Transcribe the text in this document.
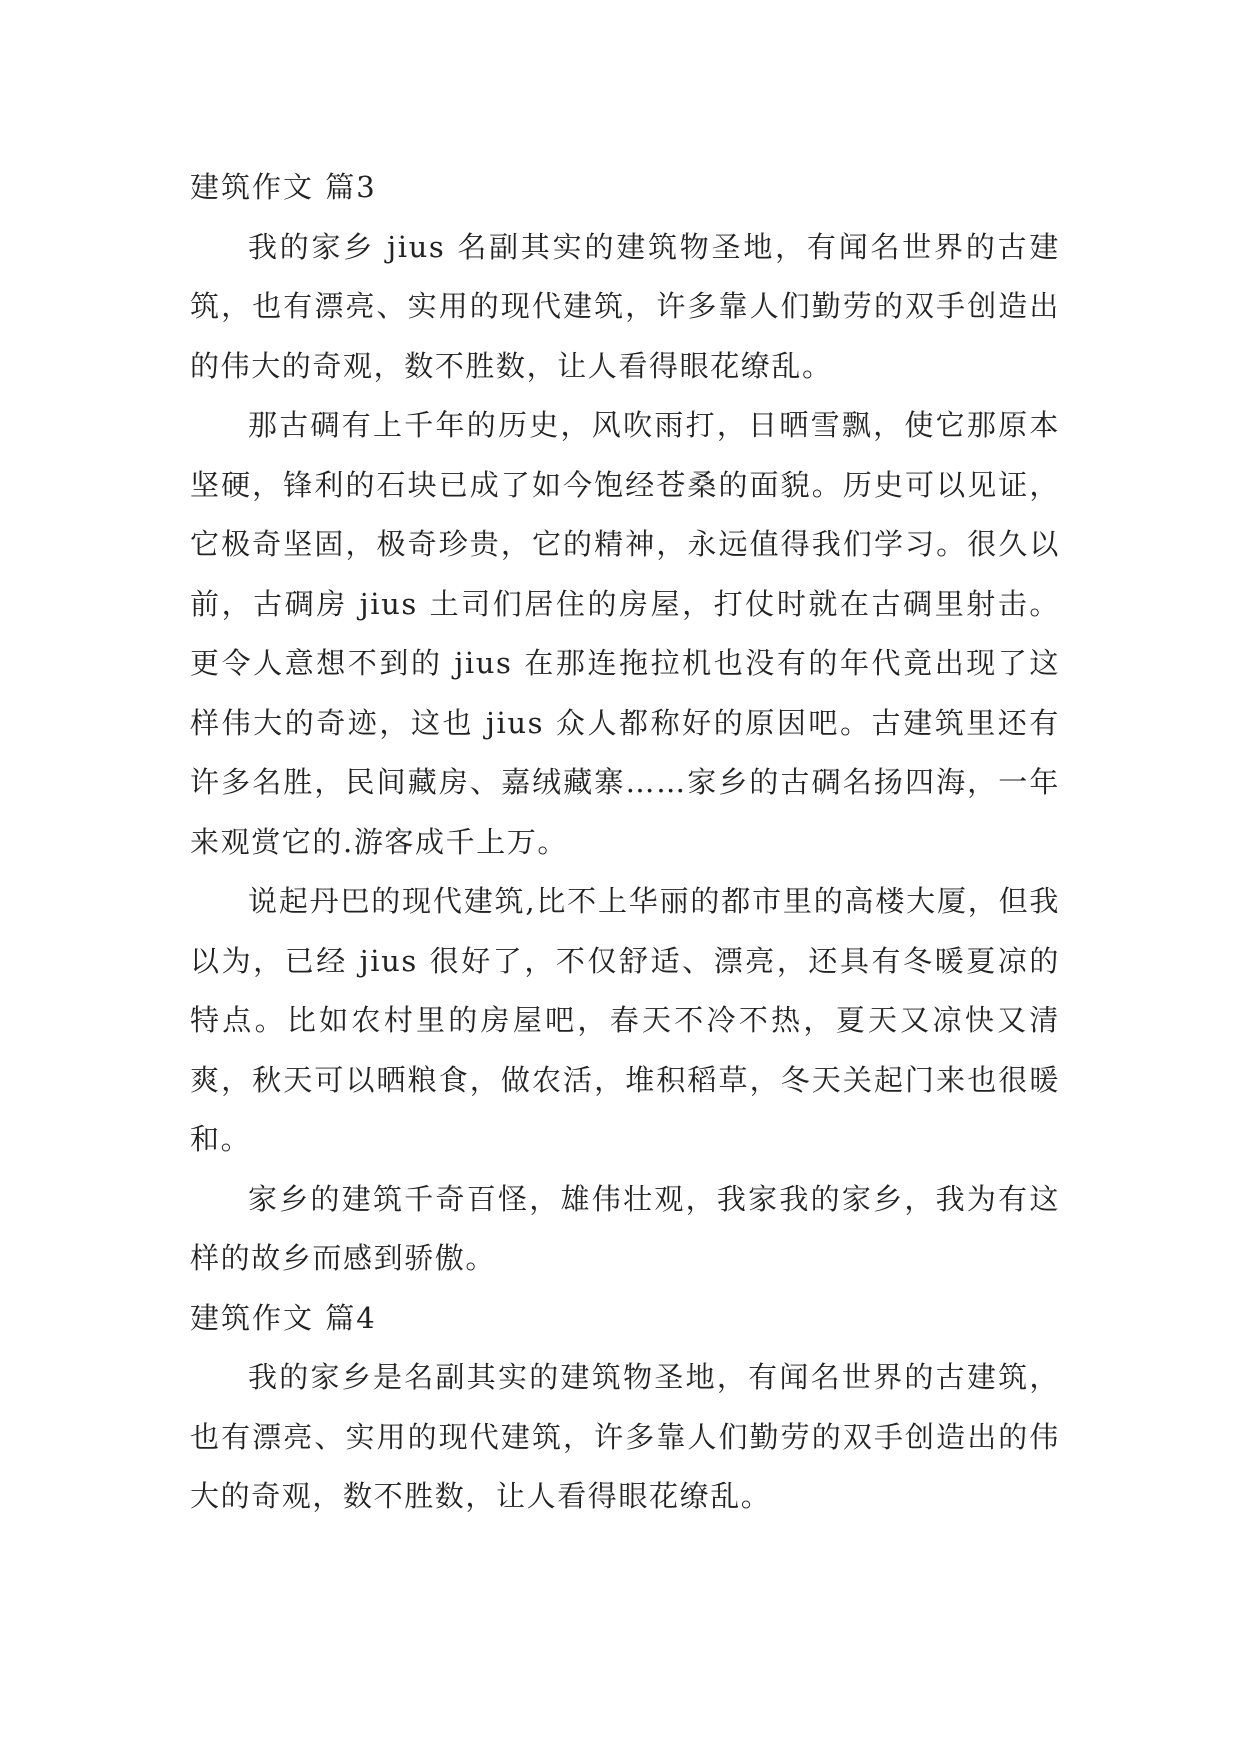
建筑作文 篇3

我的家乡 jius 名副其实的建筑物圣地，有闻名世界的古建筑，也有漂亮、实用的现代建筑，许多靠人们勤劳的双手创造出的伟大的奇观，数不胜数，让人看得眼花缭乱。

那古碉有上千年的历史，风吹雨打，日晒雪飘，使它那原本坚硬，锋利的石块已成了如今饱经苍桑的面貌。历史可以见证，它极奇坚固，极奇珍贵，它的精神，永远值得我们学习。很久以前，古碉房 jius 土司们居住的房屋，打仗时就在古碉里射击。更令人意想不到的 jius 在那连拖拉机也没有的年代竟出现了这样伟大的奇迹，这也 jius 众人都称好的原因吧。古建筑里还有许多名胜，民间藏房、嘉绒藏寨……家乡的古碉名扬四海，一年来观赏它的.游客成千上万。

说起丹巴的现代建筑,比不上华丽的都市里的高楼大厦，但我以为，已经 jius 很好了，不仅舒适、漂亮，还具有冬暖夏凉的特点。比如农村里的房屋吧，春天不冷不热，夏天又凉快又清爽，秋天可以晒粮食，做农活，堆积稻草，冬天关起门来也很暖和。

家乡的建筑千奇百怪，雄伟壮观，我家我的家乡，我为有这样的故乡而感到骄傲。

建筑作文 篇4

我的家乡是名副其实的建筑物圣地，有闻名世界的古建筑，也有漂亮、实用的现代建筑，许多靠人们勤劳的双手创造出的伟大的奇观，数不胜数，让人看得眼花缭乱。
